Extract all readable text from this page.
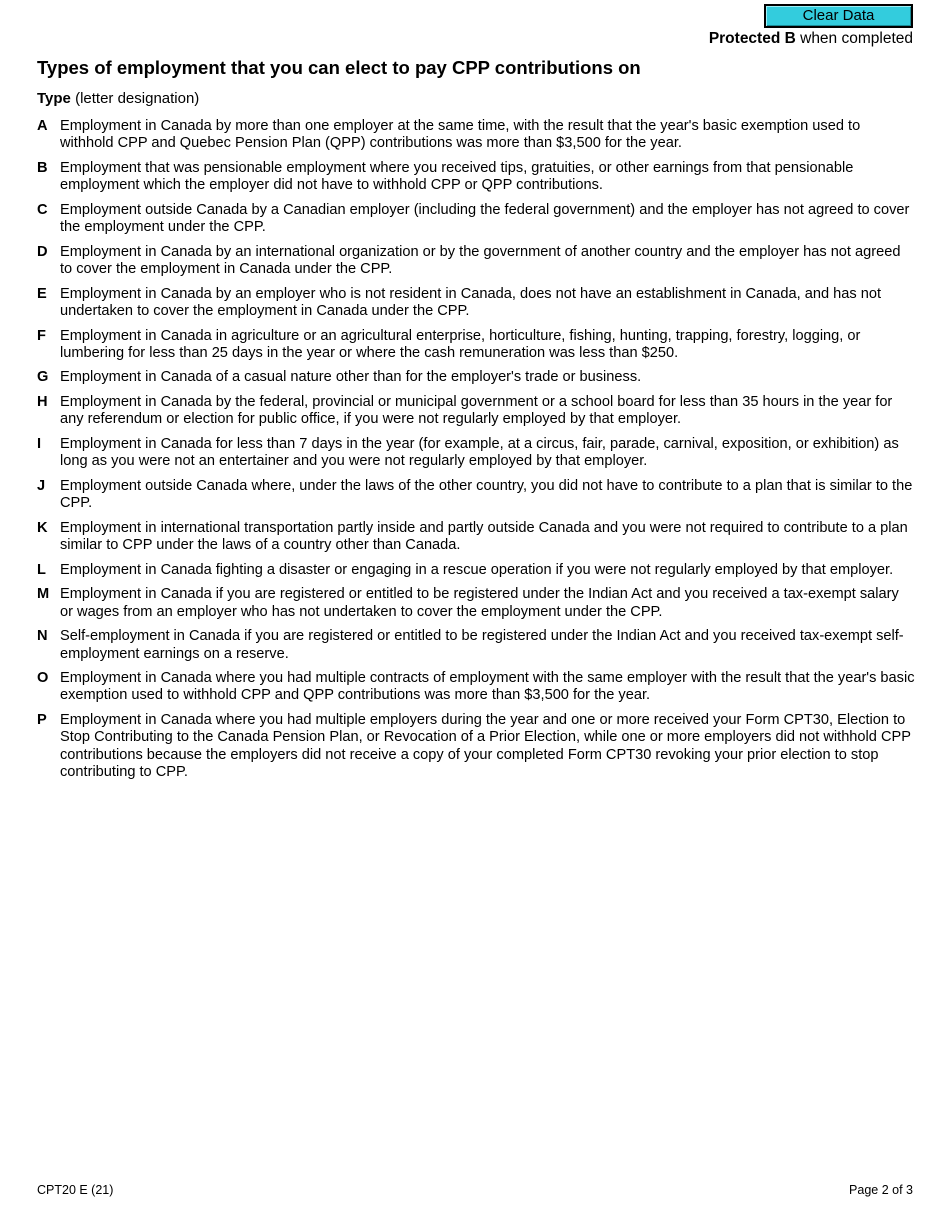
Clear Data
Protected B when completed
Types of employment that you can elect to pay CPP contributions on
Type (letter designation)
A Employment in Canada by more than one employer at the same time, with the result that the year's basic exemption used to withhold CPP and Quebec Pension Plan (QPP) contributions was more than $3,500 for the year.
B Employment that was pensionable employment where you received tips, gratuities, or other earnings from that pensionable employment which the employer did not have to withhold CPP or QPP contributions.
C Employment outside Canada by a Canadian employer (including the federal government) and the employer has not agreed to cover the employment under the CPP.
D Employment in Canada by an international organization or by the government of another country and the employer has not agreed to cover the employment in Canada under the CPP.
E Employment in Canada by an employer who is not resident in Canada, does not have an establishment in Canada, and has not undertaken to cover the employment in Canada under the CPP.
F Employment in Canada in agriculture or an agricultural enterprise, horticulture, fishing, hunting, trapping, forestry, logging, or lumbering for less than 25 days in the year or where the cash remuneration was less than $250.
G Employment in Canada of a casual nature other than for the employer's trade or business.
H Employment in Canada by the federal, provincial or municipal government or a school board for less than 35 hours in the year for any referendum or election for public office, if you were not regularly employed by that employer.
I Employment in Canada for less than 7 days in the year (for example, at a circus, fair, parade, carnival, exposition, or exhibition) as long as you were not an entertainer and you were not regularly employed by that employer.
J Employment outside Canada where, under the laws of the other country, you did not have to contribute to a plan that is similar to the CPP.
K Employment in international transportation partly inside and partly outside Canada and you were not required to contribute to a plan similar to CPP under the laws of a country other than Canada.
L Employment in Canada fighting a disaster or engaging in a rescue operation if you were not regularly employed by that employer.
M Employment in Canada if you are registered or entitled to be registered under the Indian Act and you received a tax-exempt salary or wages from an employer who has not undertaken to cover the employment under the CPP.
N Self-employment in Canada if you are registered or entitled to be registered under the Indian Act and you received tax-exempt self-employment earnings on a reserve.
O Employment in Canada where you had multiple contracts of employment with the same employer with the result that the year's basic exemption used to withhold CPP and QPP contributions was more than $3,500 for the year.
P Employment in Canada where you had multiple employers during the year and one or more received your Form CPT30, Election to Stop Contributing to the Canada Pension Plan, or Revocation of a Prior Election, while one or more employers did not withhold CPP contributions because the employers did not receive a copy of your completed Form CPT30 revoking your prior election to stop contributing to CPP.
CPT20 E (21)	Page 2 of 3
